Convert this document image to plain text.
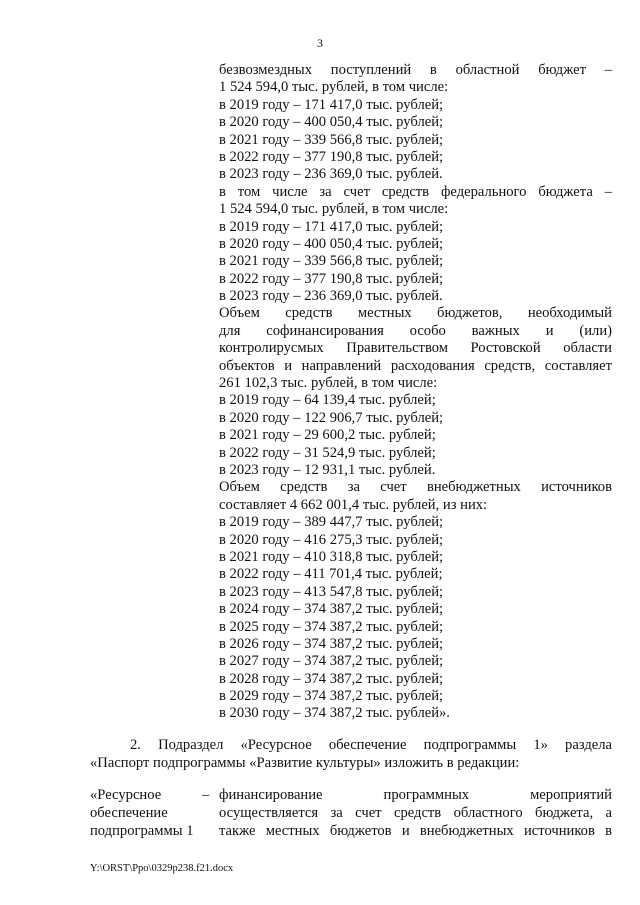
3
безвозмездных поступлений в областной бюджет –
1 524 594,0 тыс. рублей, в том числе:
в 2019 году – 171 417,0 тыс. рублей;
в 2020 году – 400 050,4 тыс. рублей;
в 2021 году – 339 566,8 тыс. рублей;
в 2022 году – 377 190,8 тыс. рублей;
в 2023 году – 236 369,0 тыс. рублей.
в том числе за счет средств федерального бюджета –
1 524 594,0 тыс. рублей, в том числе:
в 2019 году – 171 417,0 тыс. рублей;
в 2020 году – 400 050,4 тыс. рублей;
в 2021 году – 339 566,8 тыс. рублей;
в 2022 году – 377 190,8 тыс. рублей;
в 2023 году – 236 369,0 тыс. рублей.
Объем средств местных бюджетов, необходимый
для софинансирования особо важных и (или)
контролирусмых Правительством Ростовской области
объектов и направлений расходования средств, составляет
261 102,3 тыс. рублей, в том числе:
в 2019 году – 64 139,4 тыс. рублей;
в 2020 году – 122 906,7 тыс. рублей;
в 2021 году – 29 600,2 тыс. рублей;
в 2022 году – 31 524,9 тыс. рублей;
в 2023 году – 12 931,1 тыс. рублей.
Объем средств за счет внебюджетных источников
составляет 4 662 001,4 тыс. рублей, из них:
в 2019 году – 389 447,7 тыс. рублей;
в 2020 году – 416 275,3 тыс. рублей;
в 2021 году – 410 318,8 тыс. рублей;
в 2022 году – 411 701,4 тыс. рублей;
в 2023 году – 413 547,8 тыс. рублей;
в 2024 году – 374 387,2 тыс. рублей;
в 2025 году – 374 387,2 тыс. рублей;
в 2026 году – 374 387,2 тыс. рублей;
в 2027 году – 374 387,2 тыс. рублей;
в 2028 году – 374 387,2 тыс. рублей;
в 2029 году – 374 387,2 тыс. рублей;
в 2030 году – 374 387,2 тыс. рублей».
2. Подраздел «Ресурсное обеспечение подпрограммы 1» раздела
«Паспорт подпрограммы «Развитие культуры» изложить в редакции:
«Ресурсное
обеспечение
подпрограммы 1
– финансирование программных мероприятий
осуществляется за счет средств областного бюджета, а
также местных бюджетов и внебюджетных источников в
Y:\ORST\Ppo\0329p238.f21.docx
